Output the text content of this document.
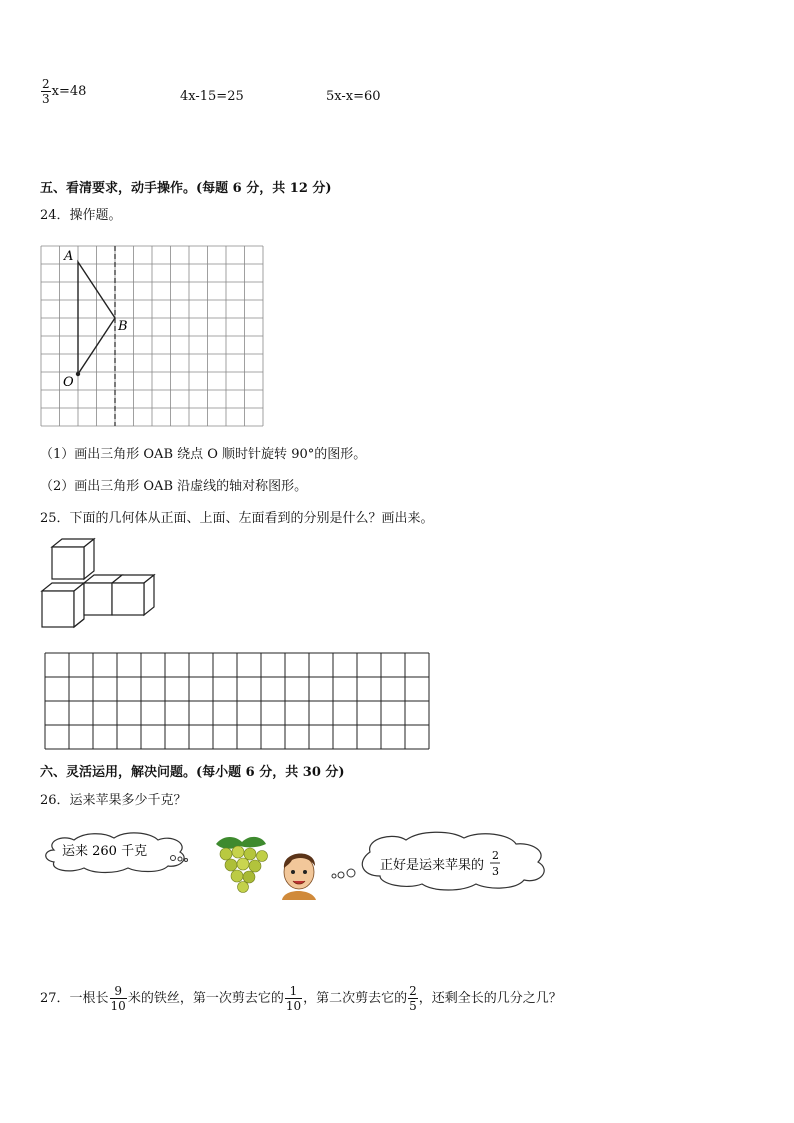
$\frac{2}{3} x=48$	4x-15=25	5x-x=60
五、看清要求，动手操作。(每题 6 分，共 12 分)
24．操作题。
A
B
O
（1）画出三角形 OAB 绕点 O 顺时针旋转 90°的图形。
（2）画出三角形 OAB 沿虚线的轴对称图形。
25．下面的几何体从正面、上面、左面看到的分别是什么？画出来。
六、灵活运用，解决问题。(每小题 6 分，共 30 分)
26．运来苹果多少千克？
运来 260 千克
正好是运来苹果的
2
3
27．一根长 $\frac{9}{10}$ 米的铁丝，第一次剪去它的 $\frac{1}{10}$ ，第二次剪去它的 $\frac{2}{5}$ ，还剩全长的几分之几？
